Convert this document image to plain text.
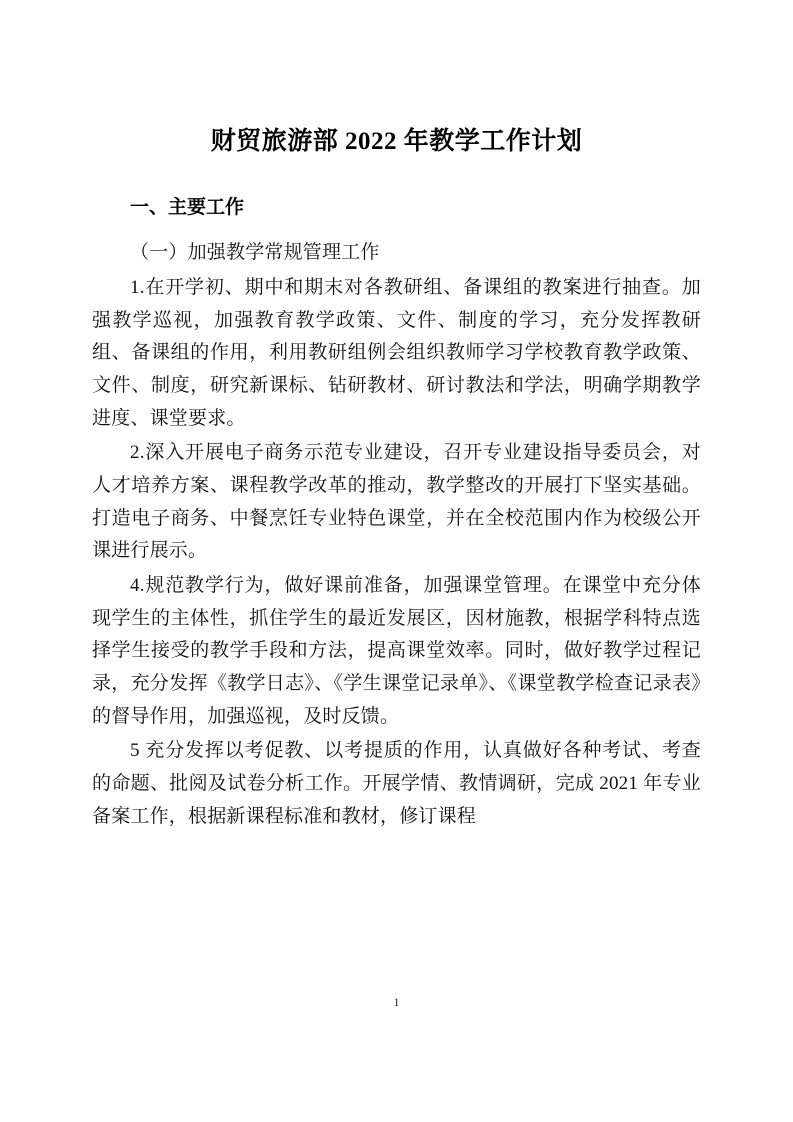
财贸旅游部 2022 年教学工作计划
一、主要工作

（一）加强教学常规管理工作

1.在开学初、期中和期末对各教研组、备课组的教案进行抽查。加强教学巡视，加强教育教学政策、文件、制度的学习，充分发挥教研组、备课组的作用，利用教研组例会组织教师学习学校教育教学政策、文件、制度，研究新课标、钻研教材、研讨教法和学法，明确学期教学进度、课堂要求。

2.深入开展电子商务示范专业建设，召开专业建设指导委员会，对人才培养方案、课程教学改革的推动，教学整改的开展打下坚实基础。打造电子商务、中餐烹饪专业特色课堂，并在全校范围内作为校级公开课进行展示。

4.规范教学行为，做好课前准备，加强课堂管理。在课堂中充分体现学生的主体性，抓住学生的最近发展区，因材施教，根据学科特点选择学生接受的教学手段和方法，提高课堂效率。同时，做好教学过程记录，充分发挥《教学日志》、《学生课堂记录单》、《课堂教学检查记录表》的督导作用，加强巡视，及时反馈。

5 充分发挥以考促教、以考提质的作用，认真做好各种考试、考查的命题、批阅及试卷分析工作。开展学情、教情调研，完成 2021 年专业备案工作，根据新课程标准和教材，修订课程

1
